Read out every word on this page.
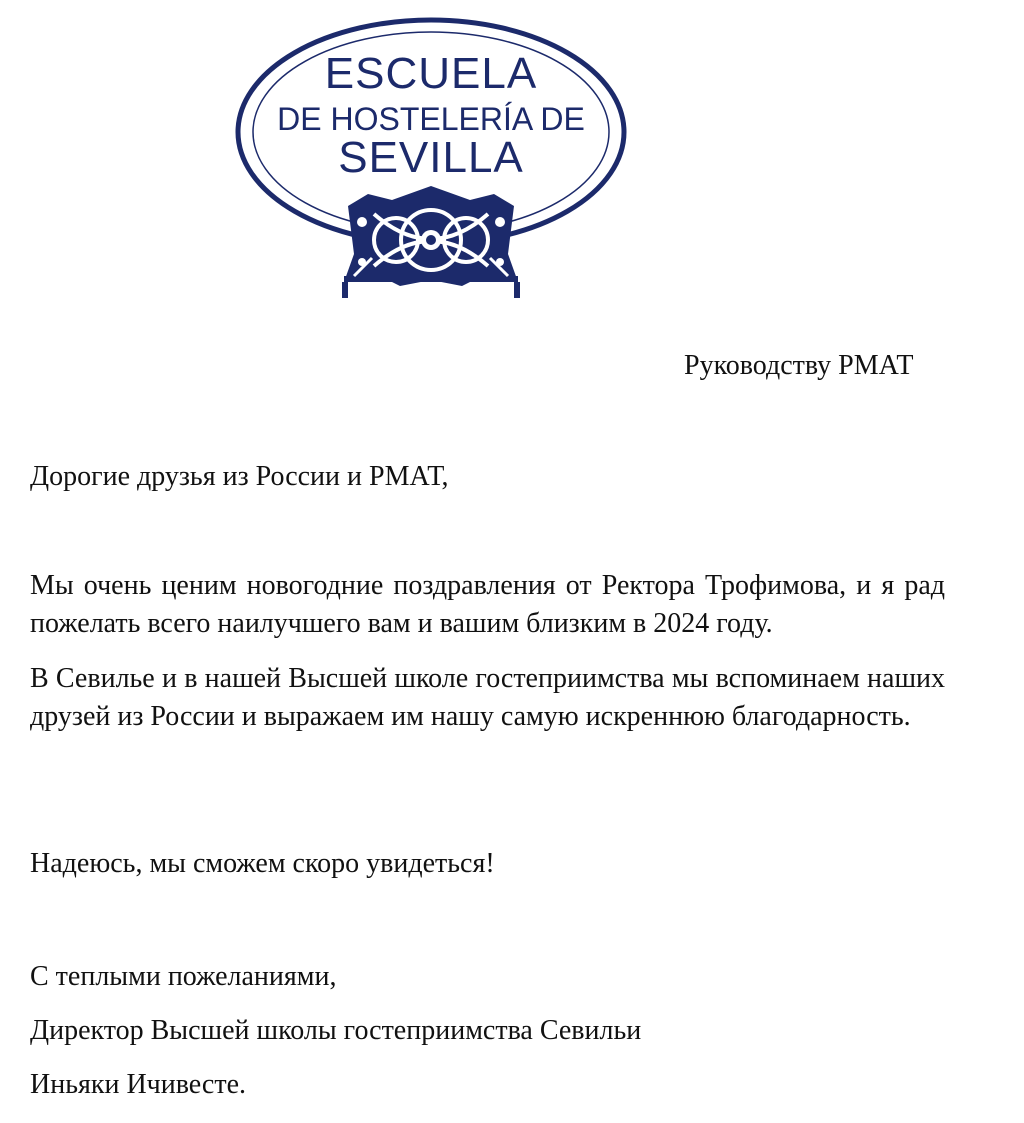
ESCUELA
DE HOSTELERÍA DE
SEVILLA
Руководству РМАТ

Дорогие друзья из России и РМАТ,

Мы очень ценим новогодние поздравления от Ректора Трофимова, и я рад пожелать всего наилучшего вам и вашим близким в 2024 году.

В Севилье и в нашей Высшей школе гостеприимства мы вспоминаем наших друзей из России и выражаем им нашу самую искреннюю благодарность.

Надеюсь, мы сможем скоро увидеться!

С теплыми пожеланиями,

Директор Высшей школы гостеприимства Севильи

Иньяки Ичивесте.
